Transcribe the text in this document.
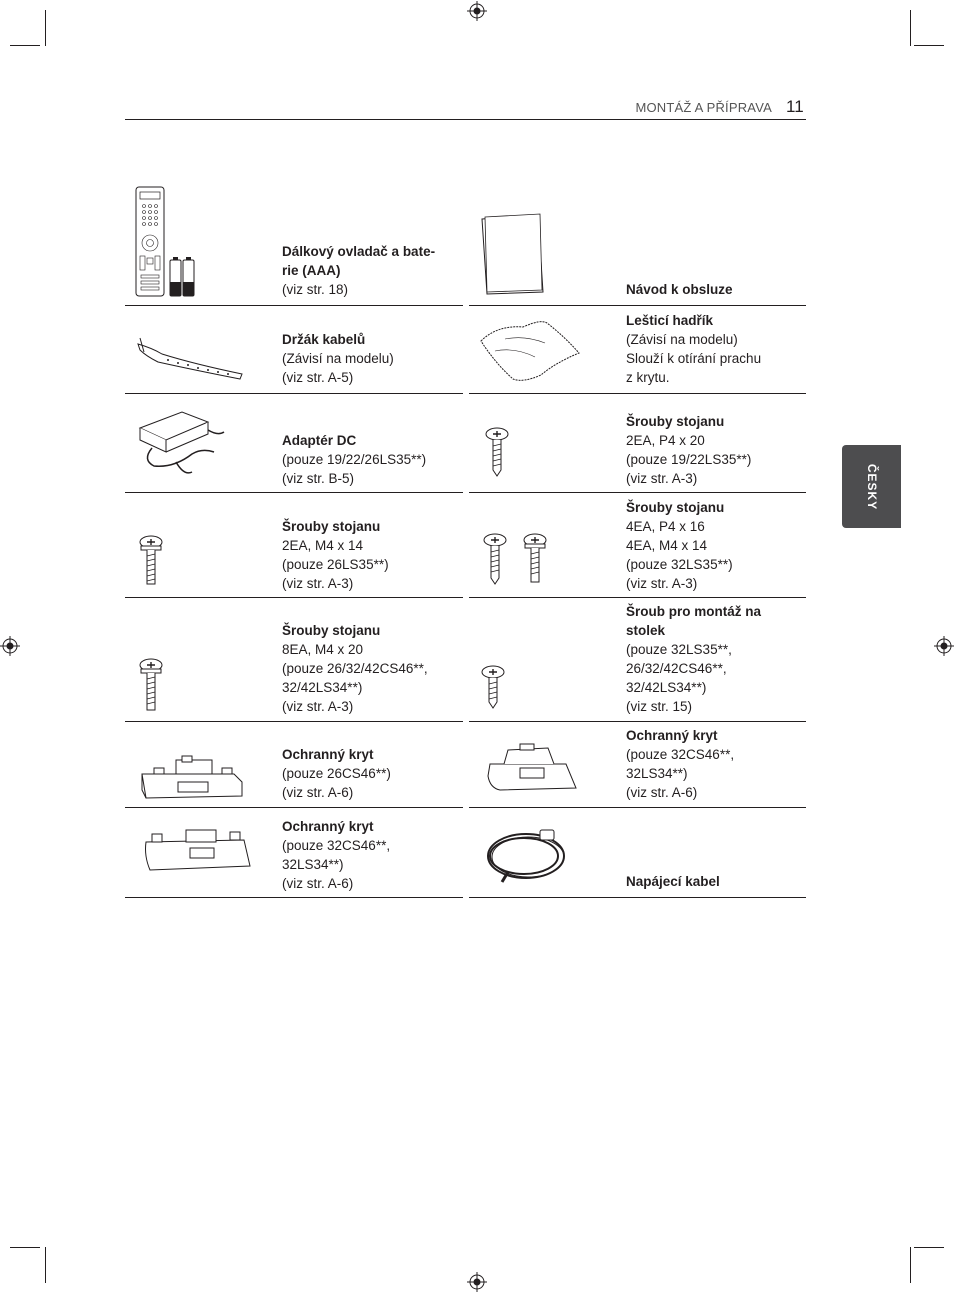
MONTÁŽ A PŘÍPRAVA 11
ČESKY
Dálkový ovladač a bate-
rie (AAA)
(viz str. 18)	Návod k obsluze
Držák kabelů
(Závisí na modelu)
(viz str. A-5)
Lešticí hadřík
(Závisí na modelu)
Slouží k otírání prachu
z krytu.
Adaptér DC
(pouze 19/22/26LS35**)
(viz str. B-5)
Šrouby stojanu
2EA, P4 x 20
(pouze 19/22LS35**)
(viz str. A-3)
Šrouby stojanu
2EA, M4 x 14
(pouze 26LS35**)
(viz str. A-3)
Šrouby stojanu
4EA, P4 x 16
4EA, M4 x 14
(pouze 32LS35**)
(viz str. A-3)
Šrouby stojanu
8EA, M4 x 20
(pouze 26/32/42CS46**,
32/42LS34**)
(viz str. A-3)
Šroub pro montáž na
stolek
(pouze 32LS35**,
26/32/42CS46**,
32/42LS34**)
(viz str. 15)
Ochranný kryt
(pouze 26CS46**)
(viz str. A-6)
Ochranný kryt
(pouze 32CS46**,
32LS34**)
(viz str. A-6)
Ochranný kryt
(pouze 32CS46**,
32LS34**)
(viz str. A-6)	Napájecí kabel
